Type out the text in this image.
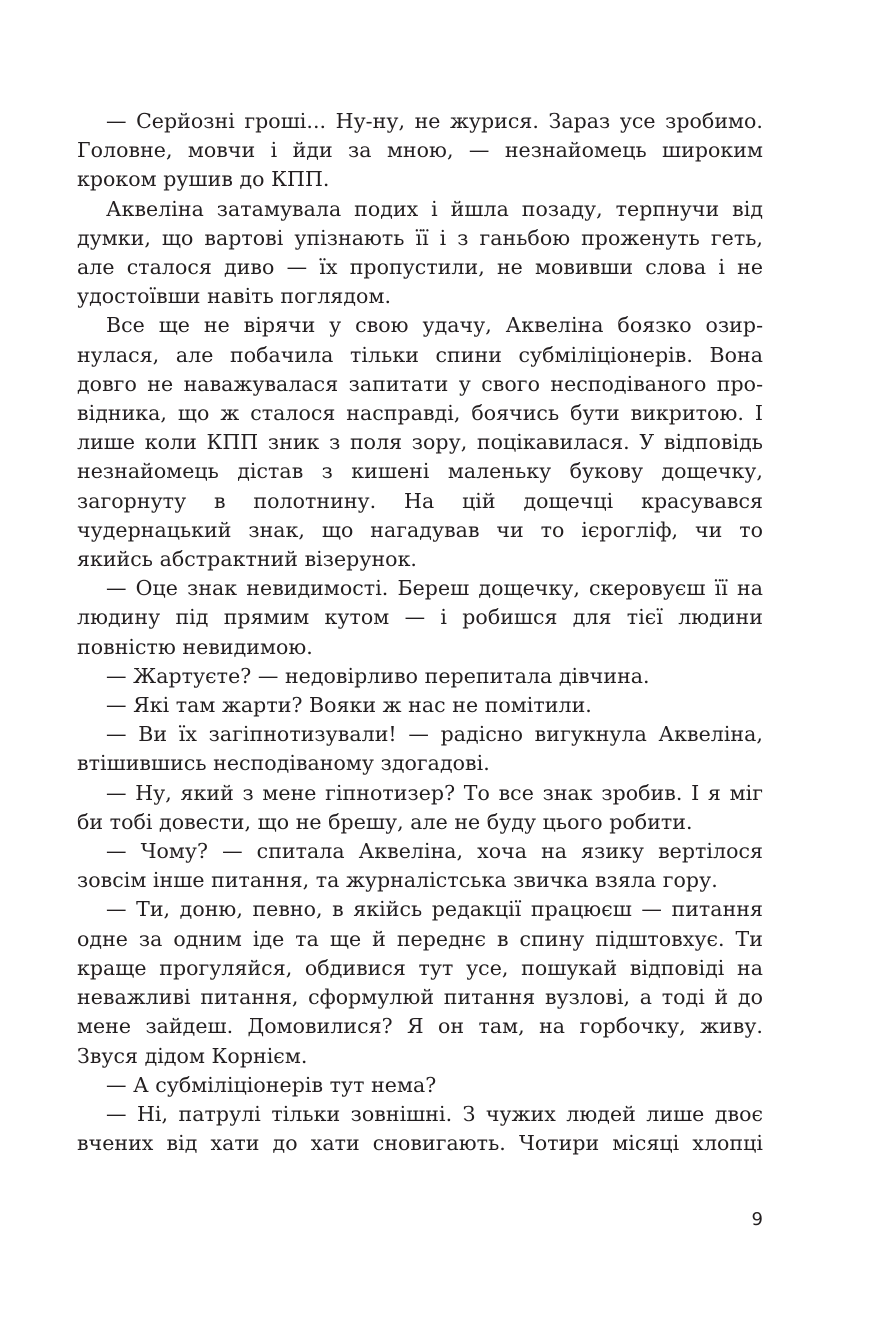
— Серйозні гроші... Ну-ну, не журися. Зараз усе зробимо. Головне, мовчи і йди за мною, — незнайомець широким кроком рушив до КПП.

Аквеліна затамувала подих і йшла позаду, терпнучи від думки, що вартові упізнають її і з ганьбою проженуть геть, але сталося диво — їх пропустили, не мовивши слова і не удостоївши навіть поглядом.

Все ще не вірячи у свою удачу, Аквеліна боязко озирнулася, але побачила тільки спини субміліціонерів. Вона довго не наважувалася запитати у свого несподіваного провідника, що ж сталося насправді, боячись бути викритою. І лише коли КПП зник з поля зору, поцікавилася. У відповідь незнайомець дістав з кишені маленьку букову дощечку, загорнуту в полотнину. На цій дощечці красувався чудернацький знак, що нагадував чи то ієрогліф, чи то якийсь абстрактний візерунок.

— Оце знак невидимості. Береш дощечку, скеровуєш її на людину під прямим кутом — і робишся для тієї людини повністю невидимою.

— Жартуєте? — недовірливо перепитала дівчина.

— Які там жарти? Вояки ж нас не помітили.

— Ви їх загіпнотизували! — радісно вигукнула Аквеліна, втішившись несподіваному здогадові.

— Ну, який з мене гіпнотизер? То все знак зробив. І я міг би тобі довести, що не брешу, але не буду цього робити.

— Чому? — спитала Аквеліна, хоча на язику вертілося зовсім інше питання, та журналістська звичка взяла гору.

— Ти, доню, певно, в якійсь редакції працюєш — питання одне за одним іде та ще й переднє в спину підштовхує. Ти краще прогуляйся, обдивися тут усе, пошукай відповіді на неважливі питання, сформулюй питання вузлові, а тоді й до мене зайдеш. Домовилися? Я он там, на горбочку, живу. Звуся дідом Корнієм.

— А субміліціонерів тут нема?

— Ні, патрулі тільки зовнішні. З чужих людей лише двоє вчених від хати до хати сновигають. Чотири місяці хлопці

9
